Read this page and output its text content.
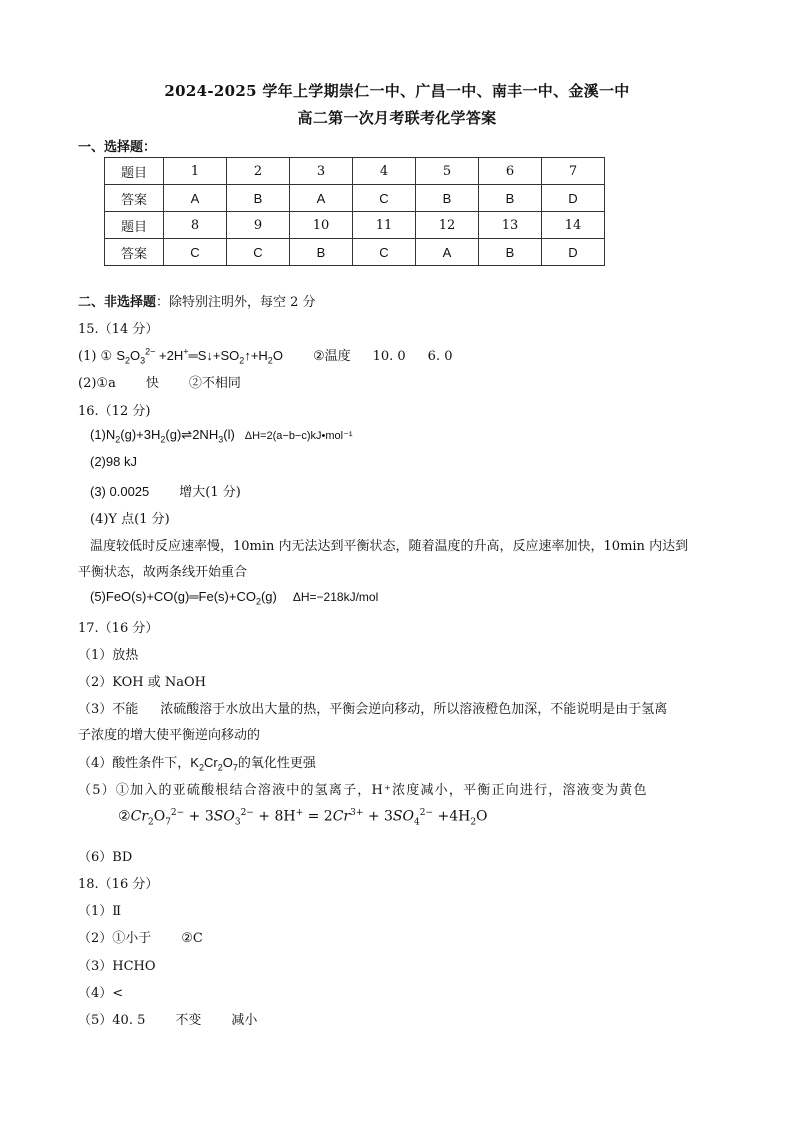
2024-2025 学年上学期崇仁一中、广昌一中、南丰一中、金溪一中
高二第一次月考联考化学答案
一、选择题：
题目	1	2	3	4	5	6	7
答案	A	B	A	C	B	B	D
题目	8	9	10	11	12	13	14
答案	C	C	B	C	A	B	D
二、非选择题：除特别注明外，每空 2 分
15.（14 分）
(1) ① $S_2O_3^{2-}$ $+2H^+═S↓+SO_2↑+H_2O$ ②温度 10. 0 6. 0
(2)①a 快 ②不相同
16.（12 分)
$(1)N_2(g)+3H_2(g)\rightleftharpoons 2NH_3(l)$ ΔH=2(a−b−c)kJ•mol⁻¹
(2)98 kJ
(3) 0.0025 增大(1 分)
(4)Y 点(1 分)
温度较低时反应速率慢，10min 内无法达到平衡状态，随着温度的升高，反应速率加快，10min 内达到
平衡状态，故两条线开始重合
$(5)FeO(s)+CO(g)═Fe(s)+CO_2(g)$ ΔH=−218kJ/mol
17.（16 分）
（1）放热
（2）KOH 或 NaOH
（3）不能 浓硫酸溶于水放出大量的热，平衡会逆向移动，所以溶液橙色加深，不能说明是由于氢离
子浓度的增大使平衡逆向移动的
（4）酸性条件下，$K_2Cr_2O_7$的氧化性更强
（5）①加入的亚硫酸根结合溶液中的氢离子，H⁺浓度减小，平衡正向进行，溶液变为黄色
$②Cr_2O_7^{2-} + 3SO_3^{2-} + 8H^+ = 2Cr^{3+} + 3SO_4^{2-} +4H_2O$
（6）BD
18.（16 分）
（1）Ⅱ
（2）①小于 ②C
（3）HCHO
（4）<
（5）40. 5 不变 减小
